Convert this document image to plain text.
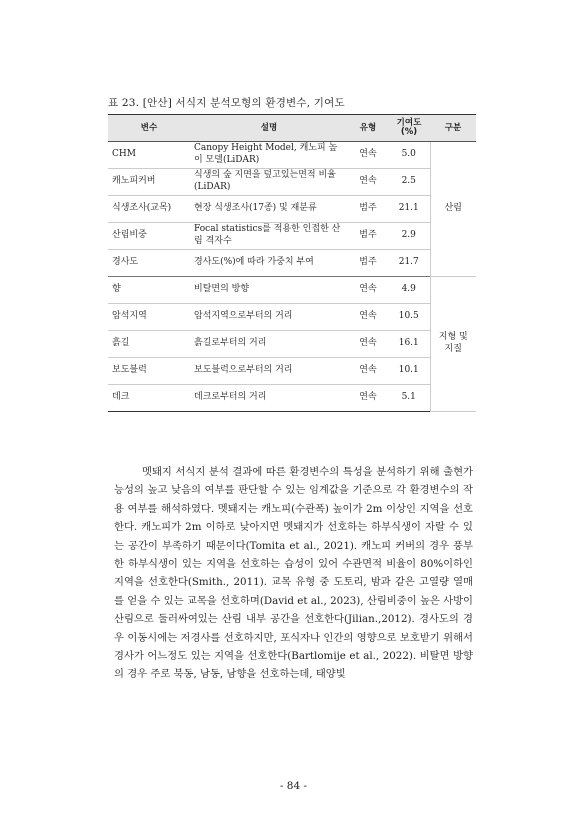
표 23. [안산] 서식지 분석모형의 환경변수, 기여도
변수	설명	유형	기여도 (%)	구분
CHM	Canopy Height Model, 캐노피 높이 모델(LiDAR)	연속	5.0	산림
캐노피커버	식생의 숲 지면을 덮고있는면적 비율(LiDAR)	연속	2.5	
식생조사(교목)	현장 식생조사(17종) 및 재분류	범주	21.1	
산림비중	Focal statistics를 적용한 인접한 산림 격자수	범주	2.9	
경사도	경사도(%)에 따라 가중치 부여	범주	21.7	
향	비탈면의 방향	연속	4.9	지형 및 지질
암석지역	암석지역으로부터의 거리	연속	10.5	
흙길	흙길로부터의 거리	연속	16.1	
보도블럭	보도블럭으로부터의 거리	연속	10.1	
데크	데크로부터의 거리	연속	5.1	

멧돼지 서식지 분석 결과에 따른 환경변수의 특성을 분석하기 위해 출현가능성의 높고 낮음의 여부를 판단할 수 있는 임계값을 기준으로 각 환경변수의 작용 여부를 해석하였다. 멧돼지는 캐노피(수관폭) 높이가 2m 이상인 지역을 선호한다. 캐노피가 2m 이하로 낮아지면 멧돼지가 선호하는 하부식생이 자랄 수 있는 공간이 부족하기 때문이다(Tomita et al., 2021). 캐노피 커버의 경우 풍부한 하부식생이 있는 지역을 선호하는 습성이 있어 수관면적 비율이 80%이하인 지역을 선호한다(Smith., 2011). 교목 유형 중 도토리, 밤과 같은 고열량 열매를 얻을 수 있는 교목을 선호하며(David et al., 2023), 산림비중이 높은 사방이 산림으로 둘러싸여있는 산림 내부 공간을 선호한다(Jilian.,2012). 경사도의 경우 이동시에는 저경사를 선호하지만, 포식자나 인간의 영향으로 보호받기 위해서 경사가 어느정도 있는 지역을 선호한다(Bartlomije et al., 2022). 비탈면 방향의 경우 주로 북동, 남동, 남향을 선호하는데, 태양빛

- 84 -
